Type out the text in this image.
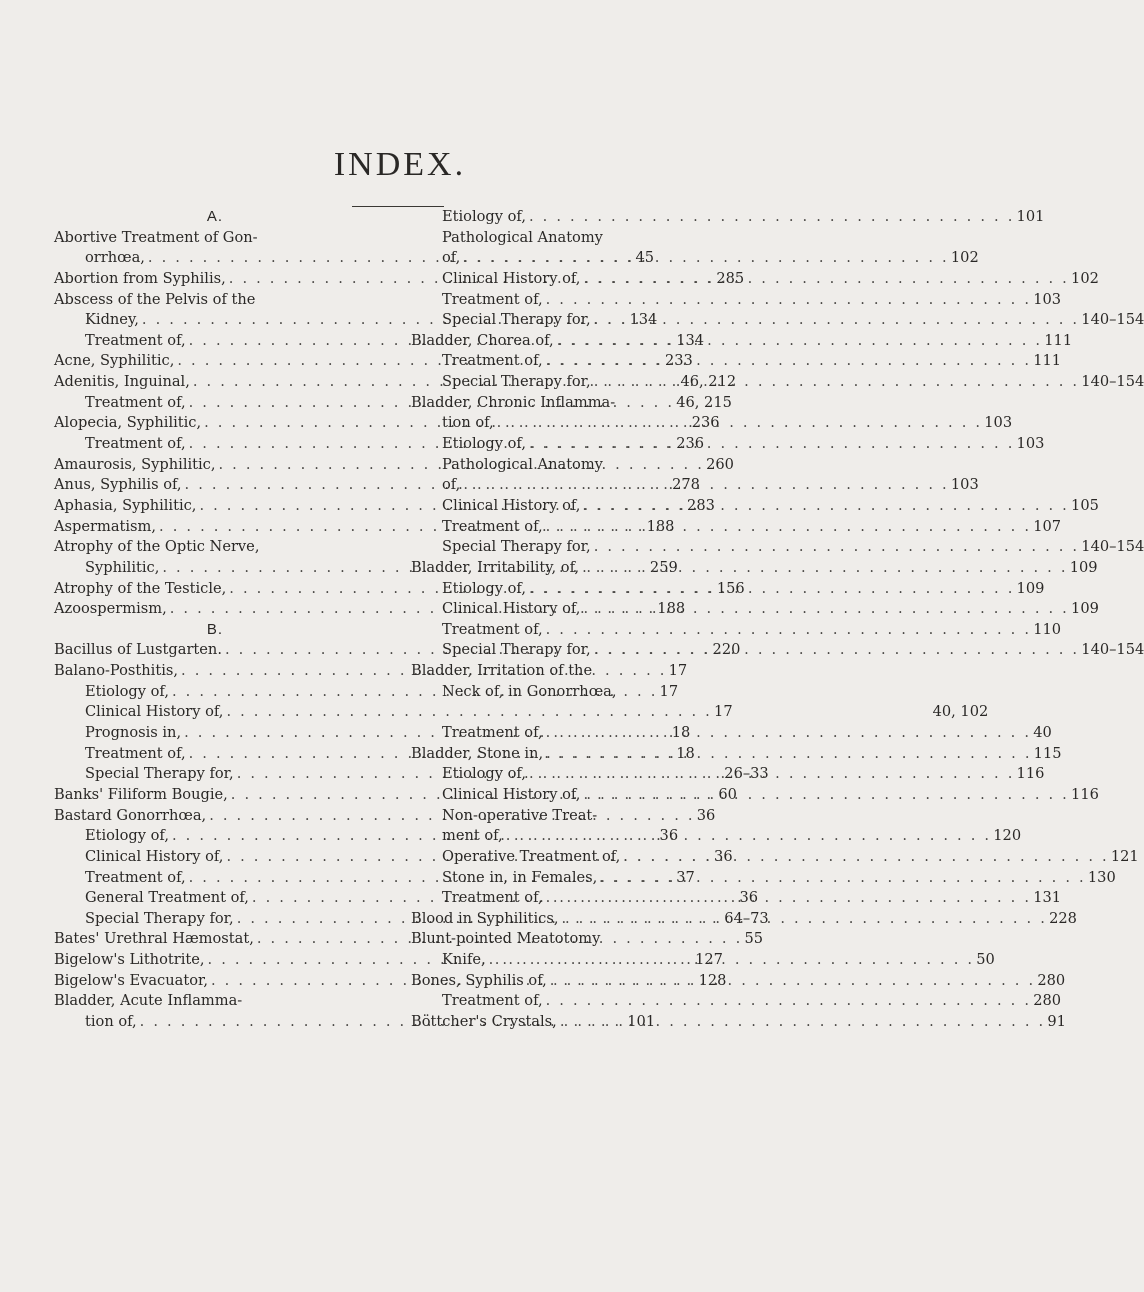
INDEX.
A.
Abortive Treatment of Gon-
orrhœa, . . .	45
Abortion from Syphilis, . . .	285
Abscess of the Pelvis of the
Kidney, . . .	134
Treatment of, . . .	134
Acne, Syphilitic, . . .	233
Adenitis, Inguinal, . . .	46, 212
Treatment of, . . .	46, 215
Alopecia, Syphilitic, . . .	236
Treatment of, . . .	236
Amaurosis, Syphilitic, . . .	260
Anus, Syphilis of, . . .	278
Aphasia, Syphilitic, . . .	283
Aspermatism, . . .	188
Atrophy of the Optic Nerve,
Syphilitic, . . .	259
Atrophy of the Testicle, . . .	156
Azoospermism, . . .	188
B.
Bacillus of Lustgarten. . . .	220
Balano-Posthitis, . . .	17
Etiology of, . . .	17
Clinical History of, . . .	17
Prognosis in, . . .	18
Treatment of, . . .	18
Special Therapy for, . . .	26–33
Banks' Filiform Bougie, . . .	60
Bastard Gonorrhœa, . . .	36
Etiology of, . . .	36
Clinical History of, . . .	36
Treatment of, . . .	37
General Treatment of, . . .	36
Special Therapy for, . . .	64–73
Bates' Urethral Hæmostat, . . .	55
Bigelow's Lithotrite, . . .	127
Bigelow's Evacuator, . . .	128
Bladder, Acute Inflamma-
tion of, . . .	101
Etiology of, . . .	101
Pathological Anatomy
of, . . .	102
Clinical History of, . . .	102
Treatment of, . . .	103
Special Therapy for, . . .	140–154
Bladder, Chorea of, . . .	111
Treatment of, . . .	111
Special Therapy for, . . .	140–154
Bladder, Chronic Inflamma-
tion of, . . .	103
Etiology of, . . .	103
Pathological Anatomy
of, . . .	103
Clinical History of, . . .	105
Treatment of, . . .	107
Special Therapy for, . . .	140–154
Bladder, Irritability, of, . . .	109
Etiology of, . . .	109
Clinical History of, . . .	109
Treatment of, . . .	110
Special Therapy for, . . .	140–154
Bladder, Irritation of the
Neck of, in Gonorrhœa,
40, 102
Treatment of, . . .	40
Bladder, Stone in, . . .	115
Etiology of, . . .	116
Clinical History of, . . .	116
Non-operative Treat-
ment of, . . .	120
Operative Treatment of, . . .	121
Stone in, in Females, . . .	130
Treatment of, . . .	131
Blood in Syphilitics, . . .	228
Blunt-pointed Meatotomy
Knife, . . .	50
Bones, Syphilis of, . . .	280
Treatment of, . . .	280
Böttcher's Crystals, . . .	91
